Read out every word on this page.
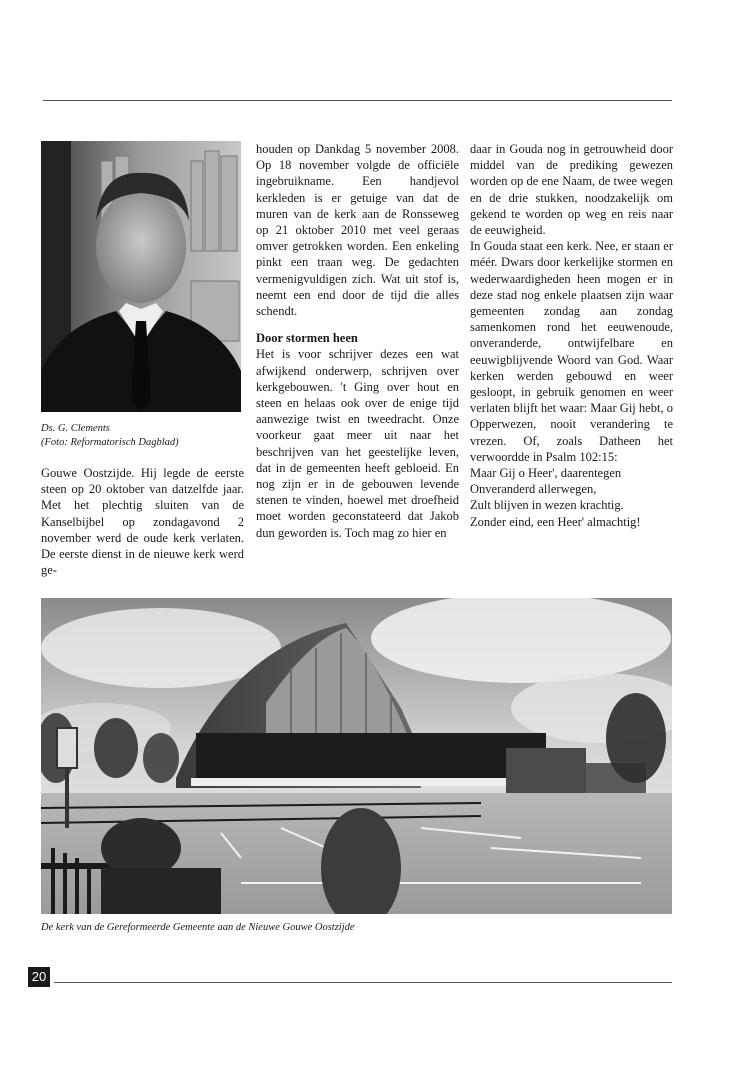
Ds. G. Clements
(Foto: Reformatorisch Dagblad)

Gouwe Oostzijde. Hij legde de eerste steen op 20 oktober van datzelfde jaar. Met het plechtig sluiten van de Kanselbijbel op zondagavond 2 november werd de oude kerk verlaten. De eerste dienst in de nieuwe kerk werd ge-

houden op Dankdag 5 november 2008. Op 18 november volgde de officiële ingebruikname. Een handjevol kerkleden is er getuige van dat de muren van de kerk aan de Ronsseweg op 21 oktober 2010 met veel geraas omver getrokken worden. Een enkeling pinkt een traan weg. De gedachten vermenigvuldigen zich. Wat uit stof is, neemt een end door de tijd die alles schendt.

Door stormen heen

Het is voor schrijver dezes een wat afwijkend onderwerp, schrijven over kerkgebouwen. 't Ging over hout en steen en helaas ook over de enige tijd aanwezige twist en tweedracht. Onze voorkeur gaat meer uit naar het beschrijven van het geestelijke leven, dat in de gemeenten heeft gebloeid. En nog zijn er in de gebouwen levende stenen te vinden, hoewel met droefheid moet worden geconstateerd dat Jakob dun geworden is. Toch mag zo hier en

daar in Gouda nog in getrouwheid door middel van de prediking gewezen worden op de ene Naam, de twee wegen en de drie stukken, noodzakelijk om gekend te worden op weg en reis naar de eeuwigheid.

In Gouda staat een kerk. Nee, er staan er méér. Dwars door kerkelijke stormen en wederwaardigheden heen mogen er in deze stad nog enkele plaatsen zijn waar gemeenten zondag aan zondag samenkomen rond het eeuwenoude, onveranderde, ontwijfelbare en eeuwigblijvende Woord van God. Waar kerken werden gebouwd en weer gesloopt, in gebruik genomen en weer verlaten blijft het waar: Maar Gij hebt, o Opperwezen, nooit verandering te vrezen. Of, zoals Datheen het verwoordde in Psalm 102:15:

Maar Gij o Heer', daarentegen
Onveranderd allerwegen,
Zult blijven in wezen krachtig.
Zonder eind, een Heer' almachtig!
De kerk van de Gereformeerde Gemeente aan de Nieuwe Gouwe Oostzijde
20
